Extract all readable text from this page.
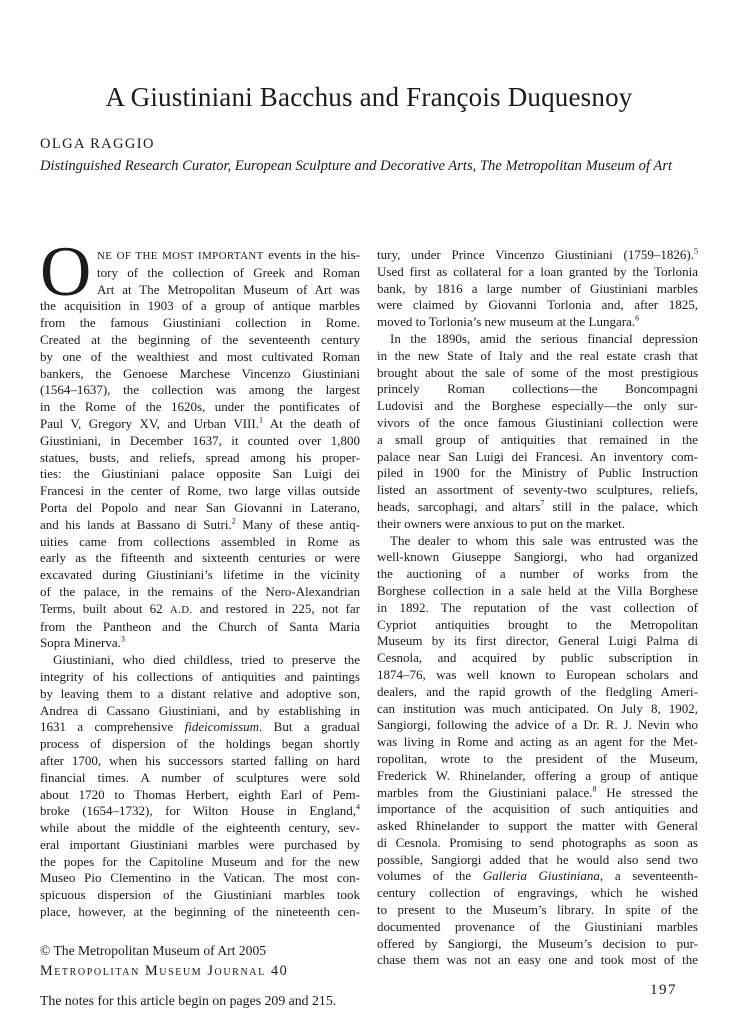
A Giustiniani Bacchus and François Duquesnoy
OLGA RAGGIO
Distinguished Research Curator, European Sculpture and Decorative Arts, The Metropolitan Museum of Art
O NE OF THE MOST IMPORTANT events in the his-
tory of the collection of Greek and Roman
Art at The Metropolitan Museum of Art was
the acquisition in 1903 of a group of antique marbles
from the famous Giustiniani collection in Rome.
Created at the beginning of the seventeenth century
by one of the wealthiest and most cultivated Roman
bankers, the Genoese Marchese Vincenzo Giustiniani
(1564–1637), the collection was among the largest
in the Rome of the 1620s, under the pontificates of
Paul V, Gregory XV, and Urban VIII.$^1$ At the death of
Giustiniani, in December 1637, it counted over 1,800
statues, busts, and reliefs, spread among his proper-
ties: the Giustiniani palace opposite San Luigi dei
Francesi in the center of Rome, two large villas outside
Porta del Popolo and near San Giovanni in Laterano,
and his lands at Bassano di Sutri.$^2$ Many of these antiq-
uities came from collections assembled in Rome as
early as the fifteenth and sixteenth centuries or were
excavated during Giustiniani’s lifetime in the vicinity
of the palace, in the remains of the Nero-Alexandrian
Terms, built about 62 A.D. and restored in 225, not far
from the Pantheon and the Church of Santa Maria
Sopra Minerva.$^3$
Giustiniani, who died childless, tried to preserve the
integrity of his collections of antiquities and paintings
by leaving them to a distant relative and adoptive son,
Andrea di Cassano Giustiniani, and by establishing in
1631 a comprehensive fideicomissum. But a gradual
process of dispersion of the holdings began shortly
after 1700, when his successors started falling on hard
financial times. A number of sculptures were sold
about 1720 to Thomas Herbert, eighth Earl of Pem-
broke (1654–1732), for Wilton House in England,$^4$
while about the middle of the eighteenth century, sev-
eral important Giustiniani marbles were purchased by
the popes for the Capitoline Museum and for the new
Museo Pio Clementino in the Vatican. The most con-
spicuous dispersion of the Giustiniani marbles took
place, however, at the beginning of the nineteenth cen-
tury, under Prince Vincenzo Giustiniani (1759–1826).$^5$
Used first as collateral for a loan granted by the Torlonia
bank, by 1816 a large number of Giustiniani marbles
were claimed by Giovanni Torlonia and, after 1825,
moved to Torlonia’s new museum at the Lungara.$^6$
In the 1890s, amid the serious financial depression
in the new State of Italy and the real estate crash that
brought about the sale of some of the most prestigious
princely Roman collections—the Boncompagni
Ludovisi and the Borghese especially—the only sur-
vivors of the once famous Giustiniani collection were
a small group of antiquities that remained in the
palace near San Luigi dei Francesi. An inventory com-
piled in 1900 for the Ministry of Public Instruction
listed an assortment of seventy-two sculptures, reliefs,
heads, sarcophagi, and altars$^7$ still in the palace, which
their owners were anxious to put on the market.
The dealer to whom this sale was entrusted was the
well-known Giuseppe Sangiorgi, who had organized
the auctioning of a number of works from the
Borghese collection in a sale held at the Villa Borghese
in 1892. The reputation of the vast collection of
Cypriot antiquities brought to the Metropolitan
Museum by its first director, General Luigi Palma di
Cesnola, and acquired by public subscription in
1874–76, was well known to European scholars and
dealers, and the rapid growth of the fledgling Ameri-
can institution was much anticipated. On July 8, 1902,
Sangiorgi, following the advice of a Dr. R. J. Nevin who
was living in Rome and acting as an agent for the Met-
ropolitan, wrote to the president of the Museum,
Frederick W. Rhinelander, offering a group of antique
marbles from the Giustiniani palace.$^8$ He stressed the
importance of the acquisition of such antiquities and
asked Rhinelander to support the matter with General
di Cesnola. Promising to send photographs as soon as
possible, Sangiorgi added that he would also send two
volumes of the Galleria Giustiniana, a seventeenth-
century collection of engravings, which he wished
to present to the Museum’s library. In spite of the
documented provenance of the Giustiniani marbles
offered by Sangiorgi, the Museum’s decision to pur-
chase them was not an easy one and took most of the
© The Metropolitan Museum of Art 2005
Metropolitan Museum Journal 40
The notes for this article begin on pages 209 and 215.
197
